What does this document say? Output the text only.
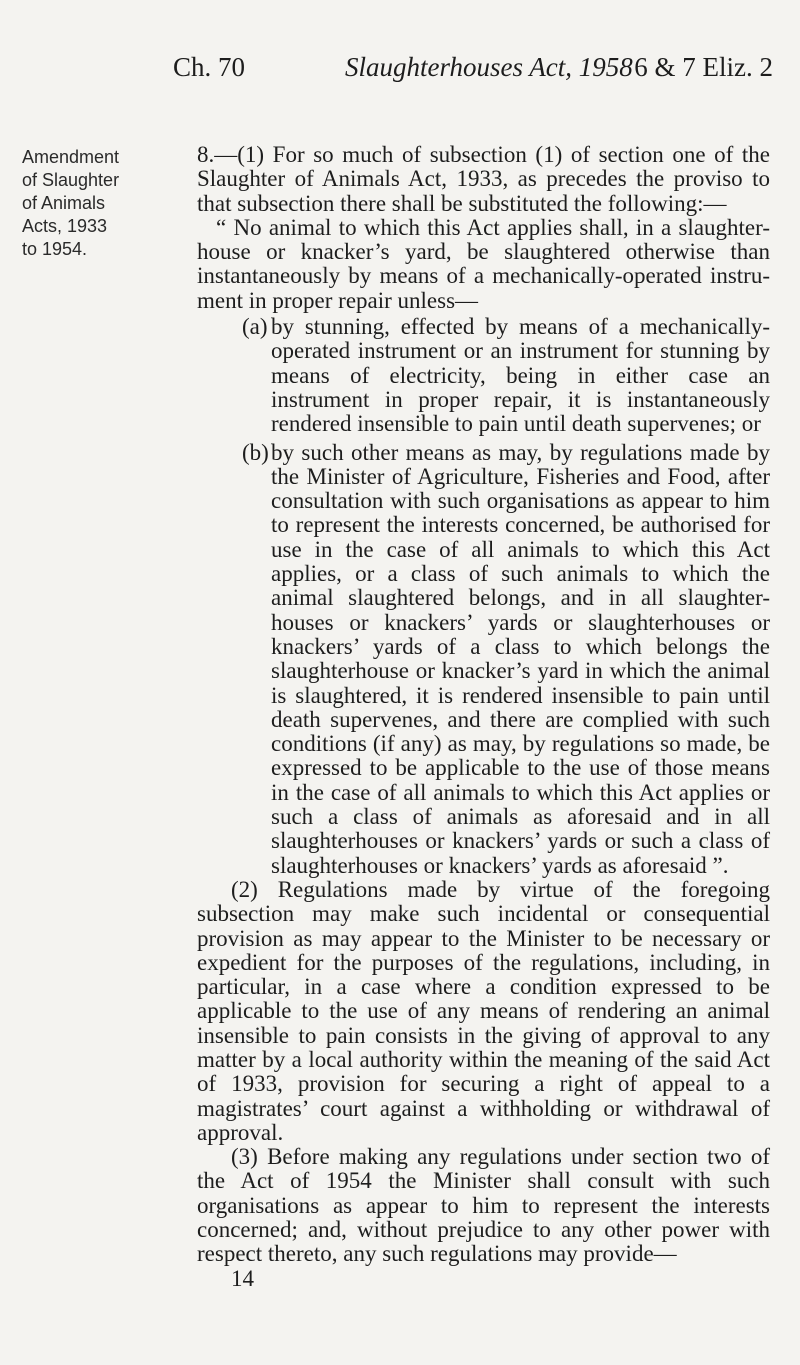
Ch. 70	Slaughterhouses Act, 1958 6 & 7 Eliz. 2
Amendment
of Slaughter
of Animals
Acts, 1933
to 1954.

8.—(1) For so much of subsection (1) of section one of the Slaughter of Animals Act, 1933, as precedes the proviso to that subsection there shall be substituted the following:—

“ No animal to which this Act applies shall, in a slaughter-house or knacker’s yard, be slaughtered otherwise than instantaneously by means of a mechanically-operated instru-ment in proper repair unless—

(a) by stunning, effected by means of a mechanically-operated instrument or an instrument for stunning by means of electricity, being in either case an instrument in proper repair, it is instantaneously rendered insensible to pain until death supervenes; or

(b) by such other means as may, by regulations made by the Minister of Agriculture, Fisheries and Food, after consultation with such organisations as appear to him to represent the interests concerned, be authorised for use in the case of all animals to which this Act applies, or a class of such animals to which the animal slaughtered belongs, and in all slaughter-houses or knackers’ yards or slaughterhouses or knackers’ yards of a class to which belongs the slaughterhouse or knacker’s yard in which the animal is slaughtered, it is rendered insensible to pain until death supervenes, and there are complied with such conditions (if any) as may, by regulations so made, be expressed to be applicable to the use of those means in the case of all animals to which this Act applies or such a class of animals as aforesaid and in all slaughterhouses or knackers’ yards or such a class of slaughterhouses or knackers’ yards as aforesaid ”.

(2) Regulations made by virtue of the foregoing subsection may make such incidental or consequential provision as may appear to the Minister to be necessary or expedient for the purposes of the regulations, including, in particular, in a case where a condition expressed to be applicable to the use of any means of rendering an animal insensible to pain consists in the giving of approval to any matter by a local authority within the meaning of the said Act of 1933, provision for securing a right of appeal to a magistrates’ court against a withholding or withdrawal of approval.

(3) Before making any regulations under section two of the Act of 1954 the Minister shall consult with such organisations as appear to him to represent the interests concerned; and, without prejudice to any other power with respect thereto, any such regulations may provide—

14
